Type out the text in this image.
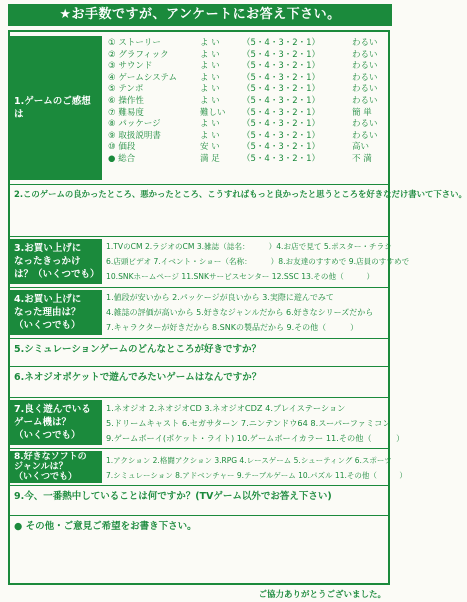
★お手数ですが、アンケートにお答え下さい。
1.ゲームのご感想は
① ストーリー	よ い	（5・4・3・2・1）	わるい
② グラフィック	よ い	（5・4・3・2・1）	わるい
③ サウンド	よ い	（5・4・3・2・1）	わるい
④ ゲームシステム	よ い	（5・4・3・2・1）	わるい
⑤ テンポ	よ い	（5・4・3・2・1）	わるい
⑥ 操作性	よ い	（5・4・3・2・1）	わるい
⑦ 難易度	難しい	（5・4・3・2・1）	簡 単
⑧ パッケージ	よ い	（5・4・3・2・1）	わるい
⑨ 取扱説明書	よ い	（5・4・3・2・1）	わるい
⑩ 価段	安 い	（5・4・3・2・1）	高い
● 総合	満 足	（5・4・3・2・1）	不 満
2.このゲームの良かったところ、悪かったところ、こうすればもっと良かったと思うところを好きなだけ書いて下さい。
3.お買い上げに
なったきっかけ
は？（いくつでも）
1.TVのCM 2.ラジオのCM 3.雑誌（誌名：　　　）4.お店で見て 5.ポスター・チラシ
6.店頭ビデオ 7.イベント・ショー（名称：　　　）8.お友達のすすめで 9.店員のすすめで
10.SNKホームページ 11.SNKサービスセンター 12.SSC 13.その他（　　　）
4.お買い上げに
なった理由は？
（いくつでも）
1.値段が安いから 2.パッケージが良いから 3.実際に遊んでみて
4.雑誌の評価が高いから 5.好きなジャンルだから 6.好きなシリーズだから
7.キャラクターが好きだから 8.SNKの製品だから 9.その他（　　　）
5.シミュレーションゲームのどんなところが好きですか？
6.ネオジオポケットで遊んでみたいゲームはなんですか？
7.良く遊んでいる
ゲーム機は？
（いくつでも）
1.ネオジオ 2.ネオジオCD 3.ネオジオCDZ 4.プレイステーション
5.ドリームキャスト 6.セガサターン 7.ニンテンドウ64 8.スーパーファミコン
9.ゲームボーイ(ポケット・ライト) 10.ゲームボーイカラー 11.その他（　　　）
8.好きなソフトの
ジャンルは？
（いくつでも）
1.アクション 2.格闘アクション 3.RPG 4.レースゲーム 5.シューティング 6.スポーツ
7.シミュレーション 8.アドベンチャー 9.テーブルゲーム 10.パズル 11.その他（　　　）
9.今、一番熱中していることは何ですか？(TVゲーム以外でお答え下さい)
● その他・ご意見ご希望をお書き下さい。
ご協力ありがとうございました。
